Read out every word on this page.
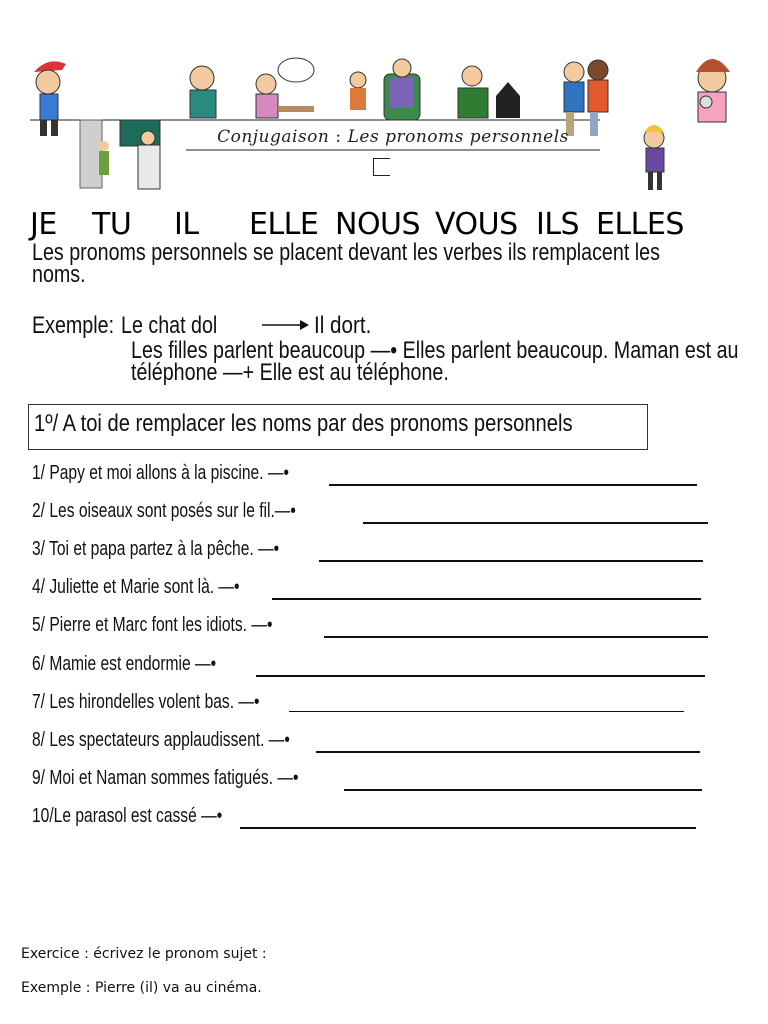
Conjugaison : Les pronoms personnels
JE TU IL ELLE NOUS VOUS ILS ELLES
Les pronoms personnels se placent devant les verbes ils remplacent les noms.
Exemple: Le chat dol	Il dort.
Les filles parlent beaucoup —• Elles parlent beaucoup. Maman est au téléphone —+ Elle est au téléphone.
1º/ A toi de remplacer les noms par des pronoms personnels
1/ Papy et moi allons à la piscine. —•
2/ Les oiseaux sont posés sur le fil.—•
3/ Toi et papa partez à la pêche. —•
4/ Juliette et Marie sont là. —•
5/ Pierre et Marc font les idiots. —•
6/ Mamie est endormie —•
7/ Les hirondelles volent bas. —•
8/ Les spectateurs applaudissent. —•
9/ Moi et Naman sommes fatigués. —•
10/Le parasol est cassé —•
Exercice : écrivez le pronom sujet :
Exemple : Pierre (il) va au cinéma.
